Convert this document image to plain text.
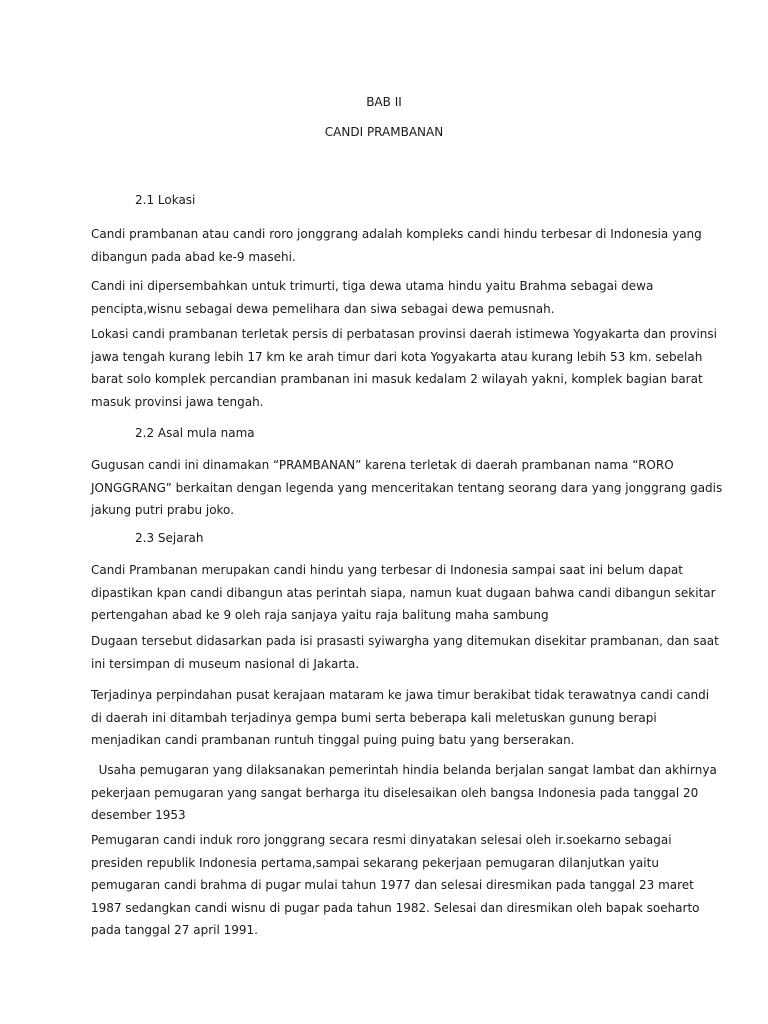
BAB II

CANDI PRAMBANAN

2.1 Lokasi

Candi prambanan atau candi roro jonggrang adalah kompleks candi hindu terbesar di Indonesia yang
dibangun pada abad ke-9 masehi.
Candi ini dipersembahkan untuk trimurti, tiga dewa utama hindu yaitu Brahma sebagai dewa
pencipta,wisnu sebagai dewa pemelihara dan siwa sebagai dewa pemusnah.
Lokasi candi prambanan terletak persis di perbatasan provinsi daerah istimewa Yogyakarta dan provinsi
jawa tengah kurang lebih 17 km ke arah timur dari kota Yogyakarta atau kurang lebih 53 km. sebelah
barat solo komplek percandian prambanan ini masuk kedalam 2 wilayah yakni, komplek bagian barat
masuk provinsi jawa tengah.

2.2 Asal mula nama

Gugusan candi ini dinamakan “PRAMBANAN” karena terletak di daerah prambanan nama “RORO
JONGGRANG” berkaitan dengan legenda yang menceritakan tentang seorang dara yang jonggrang gadis
jakung putri prabu joko.

2.3 Sejarah

Candi Prambanan merupakan candi hindu yang terbesar di Indonesia sampai saat ini belum dapat
dipastikan kpan candi dibangun atas perintah siapa, namun kuat dugaan bahwa candi dibangun sekitar
pertengahan abad ke 9 oleh raja sanjaya yaitu raja balitung maha sambung
Dugaan tersebut didasarkan pada isi prasasti syiwargha yang ditemukan disekitar prambanan, dan saat
ini tersimpan di museum nasional di Jakarta.
Terjadinya perpindahan pusat kerajaan mataram ke jawa timur berakibat tidak terawatnya candi candi
di daerah ini ditambah terjadinya gempa bumi serta beberapa kali meletuskan gunung berapi
menjadikan candi prambanan runtuh tinggal puing puing batu yang berserakan.
Usaha pemugaran yang dilaksanakan pemerintah hindia belanda berjalan sangat lambat dan akhirnya
pekerjaan pemugaran yang sangat berharga itu diselesaikan oleh bangsa Indonesia pada tanggal 20
desember 1953
Pemugaran candi induk roro jonggrang secara resmi dinyatakan selesai oleh ir.soekarno sebagai
presiden republik Indonesia pertama,sampai sekarang pekerjaan pemugaran dilanjutkan yaitu
pemugaran candi brahma di pugar mulai tahun 1977 dan selesai diresmikan pada tanggal 23 maret
1987 sedangkan candi wisnu di pugar pada tahun 1982. Selesai dan diresmikan oleh bapak soeharto
pada tanggal 27 april 1991.
